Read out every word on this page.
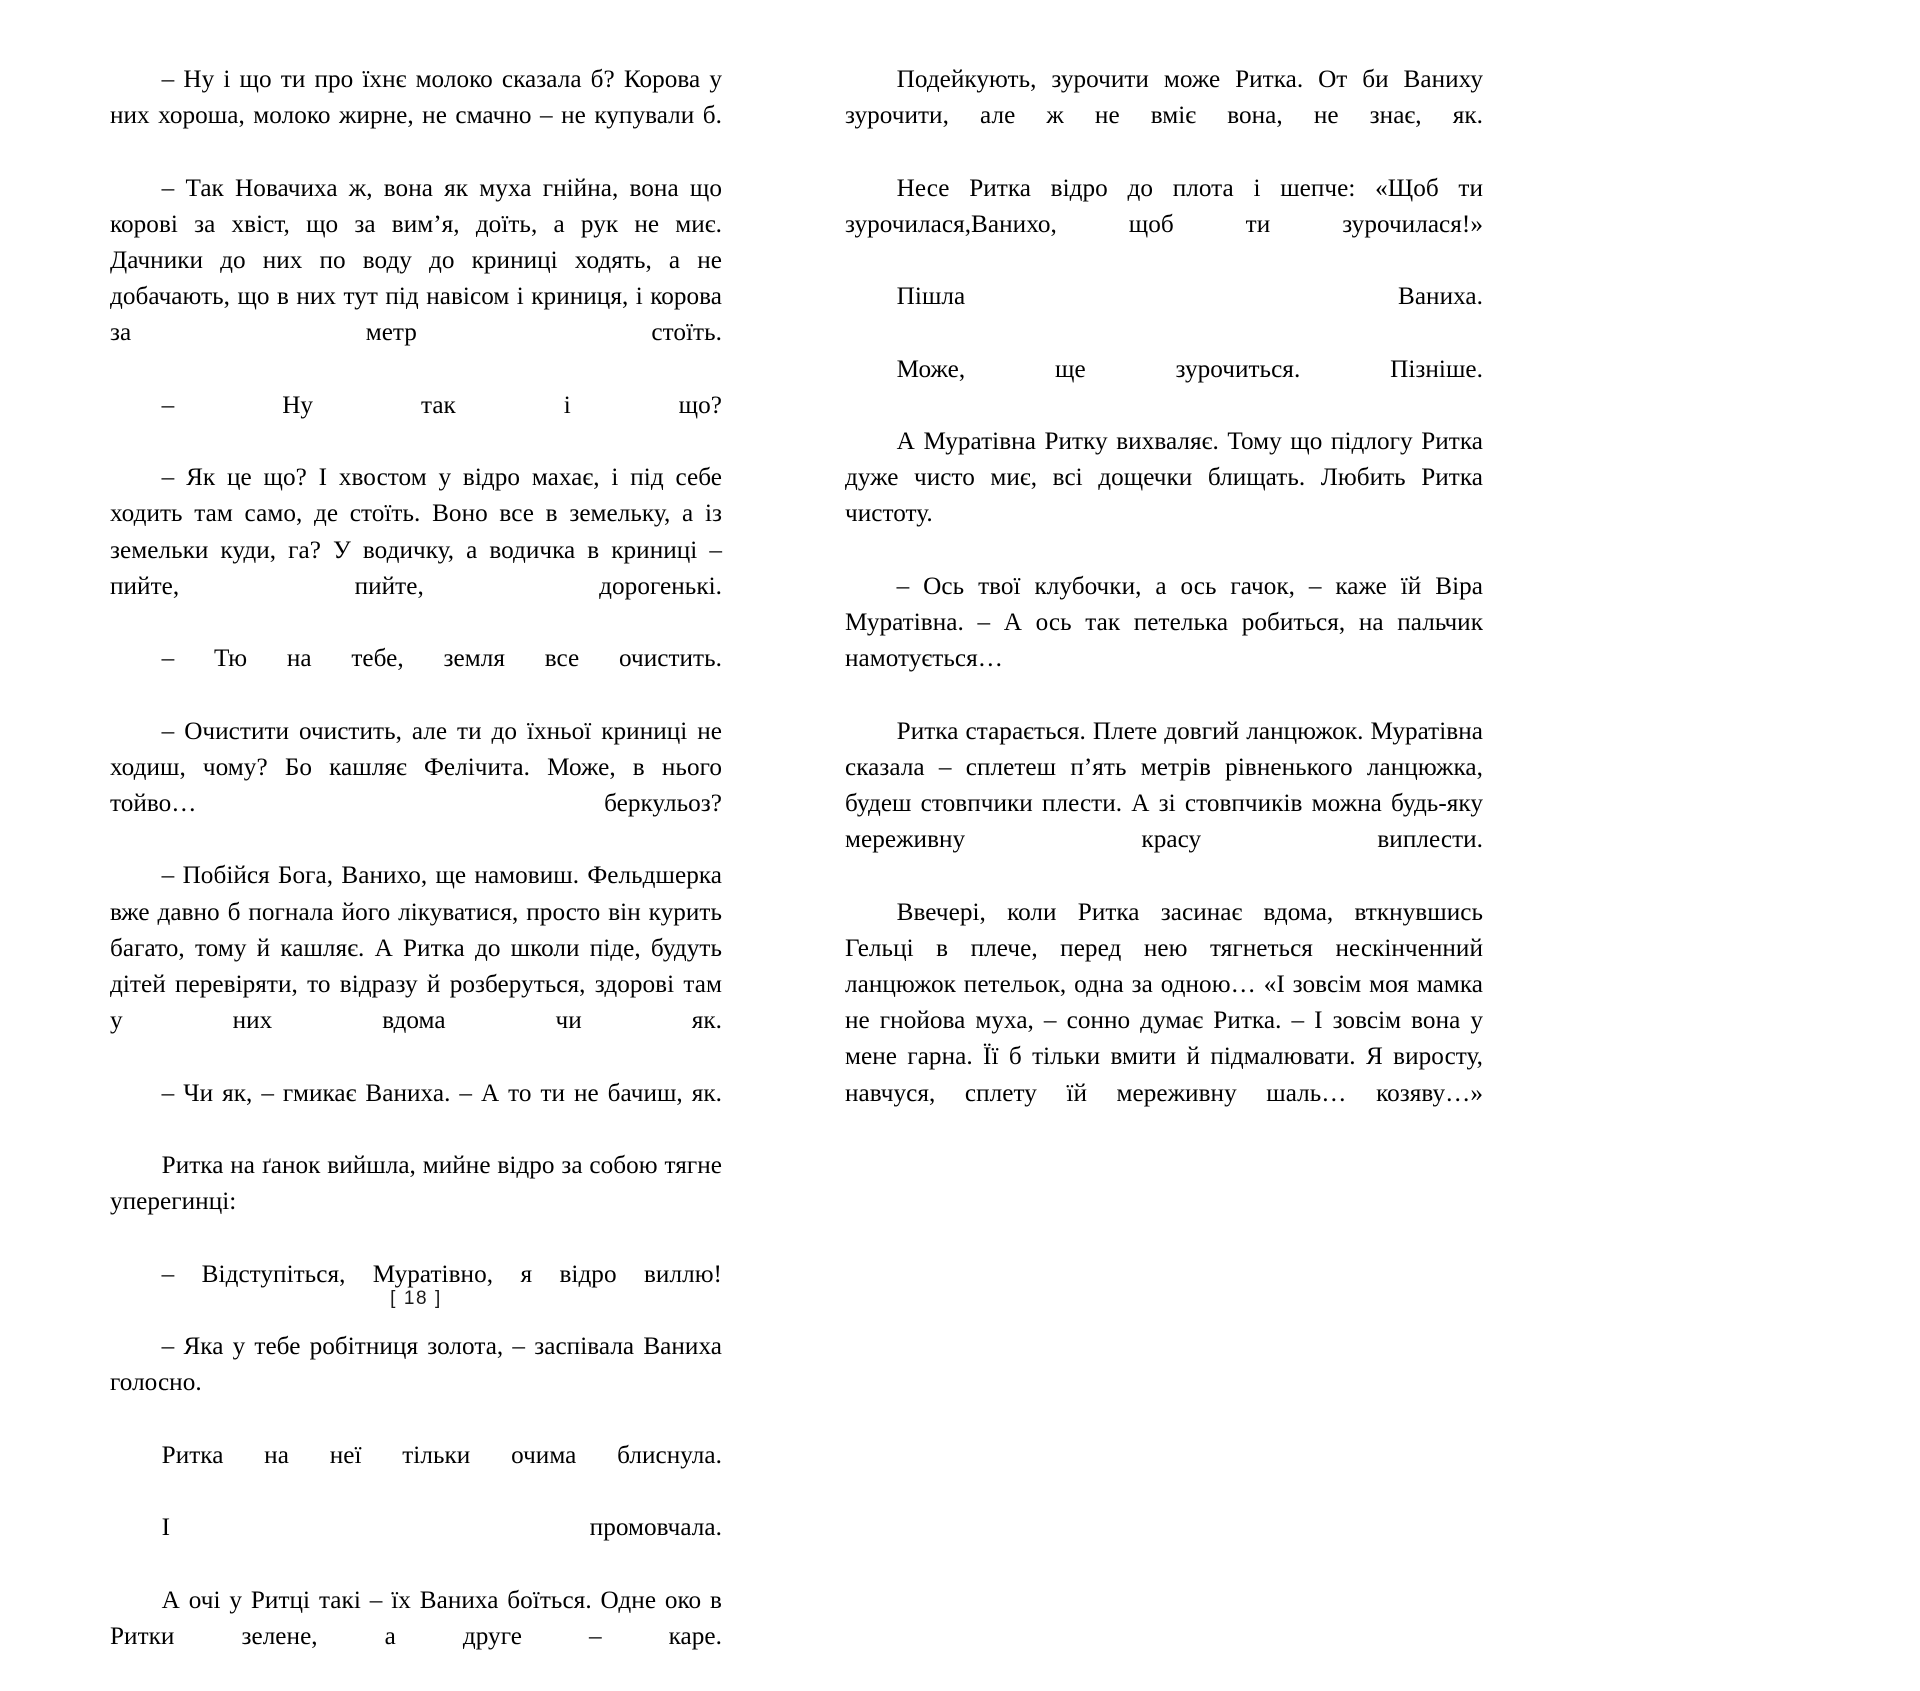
– Ну і що ти про їхнє молоко сказала б? Корова у них хороша, молоко жирне, не смачно – не купували б.

– Так Новачиха ж, вона як муха гнійна, вона що корові за хвіст, що за вим’я, доїть, а рук не миє. Дачники до них по воду до криниці ходять, а не добачають, що в них тут під навісом і криниця, і корова за метр стоїть.

– Ну так і що?

– Як це що? І хвостом у відро махає, і під себе ходить там само, де стоїть. Воно все в земельку, а із земельки куди, га? У водичку, а водичка в криниці – пийте, пийте, дорогенькі.

– Тю на тебе, земля все очистить.

– Очистити очистить, але ти до їхньої криниці не ходиш, чому? Бо кашляє Фелічита. Може, в нього тойво… беркульоз?

– Побійся Бога, Ванихо, ще намовиш. Фельдшерка вже давно б погнала його лікуватися, просто він курить багато, тому й кашляє. А Ритка до школи піде, будуть дітей перевіряти, то відразу й розберуться, здорові там у них вдома чи як.

– Чи як, – гмикає Ваниха. – А то ти не бачиш, як.

Ритка на ґанок вийшла, мийне відро за собою тягне уперегинці:

– Відступіться, Муратівно, я відро виллю!

– Яка у тебе робітниця золота, – заспівала Ваниха голосно.

Ритка на неї тільки очима блиснула.

І промовчала.

А очі у Ритці такі – їх Ваниха боїться. Одне око в Ритки зелене, а друге – каре.

[ 18 ]

Подейкують, зурочити може Ритка. От би Ваниху зурочити, але ж не вміє вона, не знає, як.

Несе Ритка відро до плота і шепче: «Щоб ти зурочилася,Ванихо, щоб ти зурочилася!»

Пішла Ваниха.

Може, ще зурочиться. Пізніше.

А Муратівна Ритку вихваляє. Тому що підлогу Ритка дуже чисто миє, всі дощечки блищать. Любить Ритка чистоту.

– Ось твої клубочки, а ось гачок, – каже їй Віра Муратівна. – А ось так петелька робиться, на пальчик намотується…

Ритка старається. Плете довгий ланцюжок. Муратівна сказала – сплетеш п’ять метрів рівненького ланцюжка, будеш стовпчики плести. А зі стовпчиків можна будь-яку мереживну красу виплести.

Ввечері, коли Ритка засинає вдома, вткнувшись Гельці в плече, перед нею тягнеться нескінченний ланцюжок петельок, одна за одною… «І зовсім моя мамка не гнойова муха, – сонно думає Ритка. – І зовсім вона у мене гарна. Її б тільки вмити й підмалювати. Я виросту, навчуся, сплету їй мереживну шаль… козяву…»
